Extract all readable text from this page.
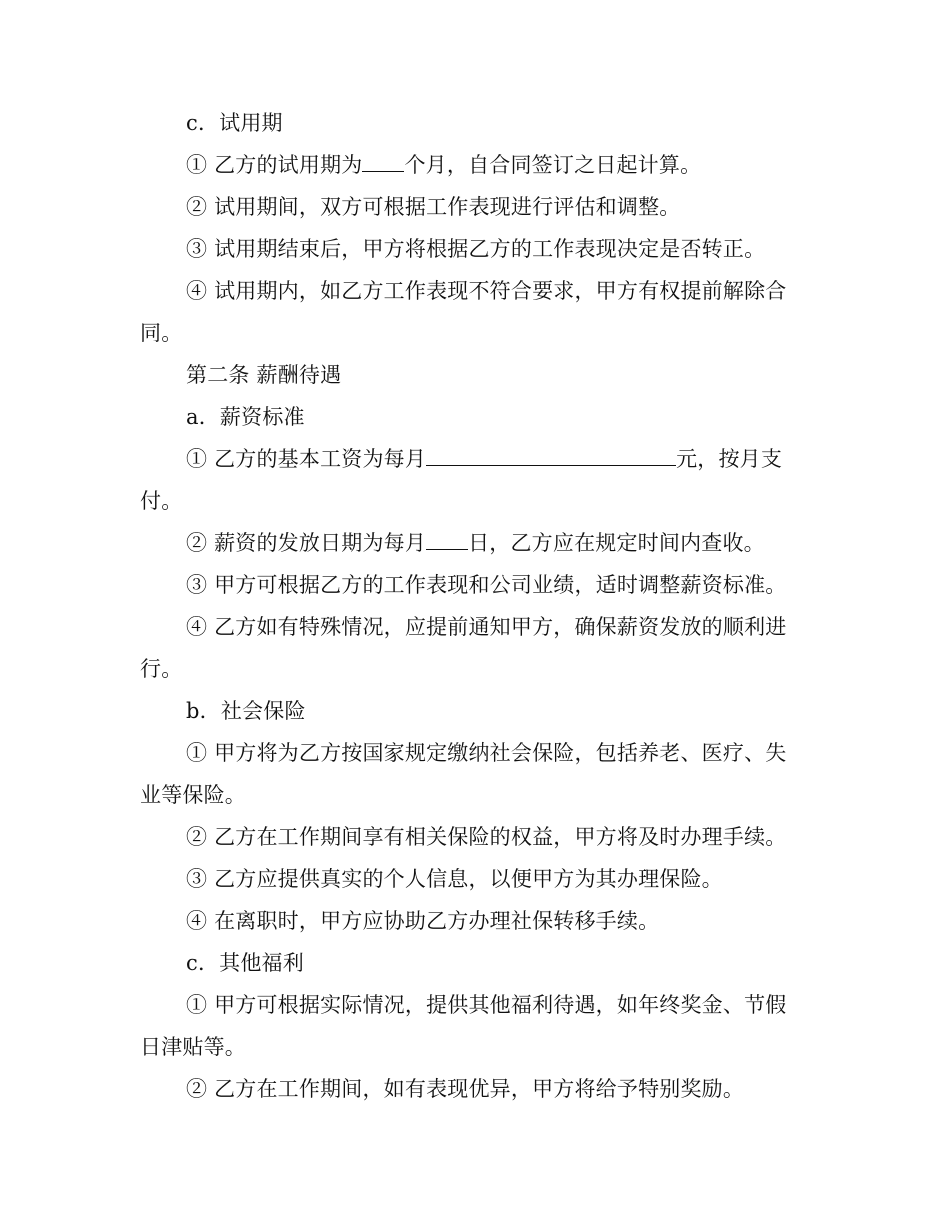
c．试用期
① 乙方的试用期为 个月，自合同签订之日起计算。
② 试用期间，双方可根据工作表现进行评估和调整。
③ 试用期结束后，甲方将根据乙方的工作表现决定是否转正。
④ 试用期内，如乙方工作表现不符合要求，甲方有权提前解除合
同。
第二条 薪酬待遇
a．薪资标准
① 乙方的基本工资为每月	元，按月支
付。
② 薪资的发放日期为每月 日，乙方应在规定时间内查收。
③ 甲方可根据乙方的工作表现和公司业绩，适时调整薪资标准。
④ 乙方如有特殊情况，应提前通知甲方，确保薪资发放的顺利进
行。
b．社会保险
① 甲方将为乙方按国家规定缴纳社会保险，包括养老、医疗、失
业等保险。
② 乙方在工作期间享有相关保险的权益，甲方将及时办理手续。
③ 乙方应提供真实的个人信息，以便甲方为其办理保险。
④ 在离职时，甲方应协助乙方办理社保转移手续。
c．其他福利
① 甲方可根据实际情况，提供其他福利待遇，如年终奖金、节假
日津贴等。
② 乙方在工作期间，如有表现优异，甲方将给予特别奖励。
